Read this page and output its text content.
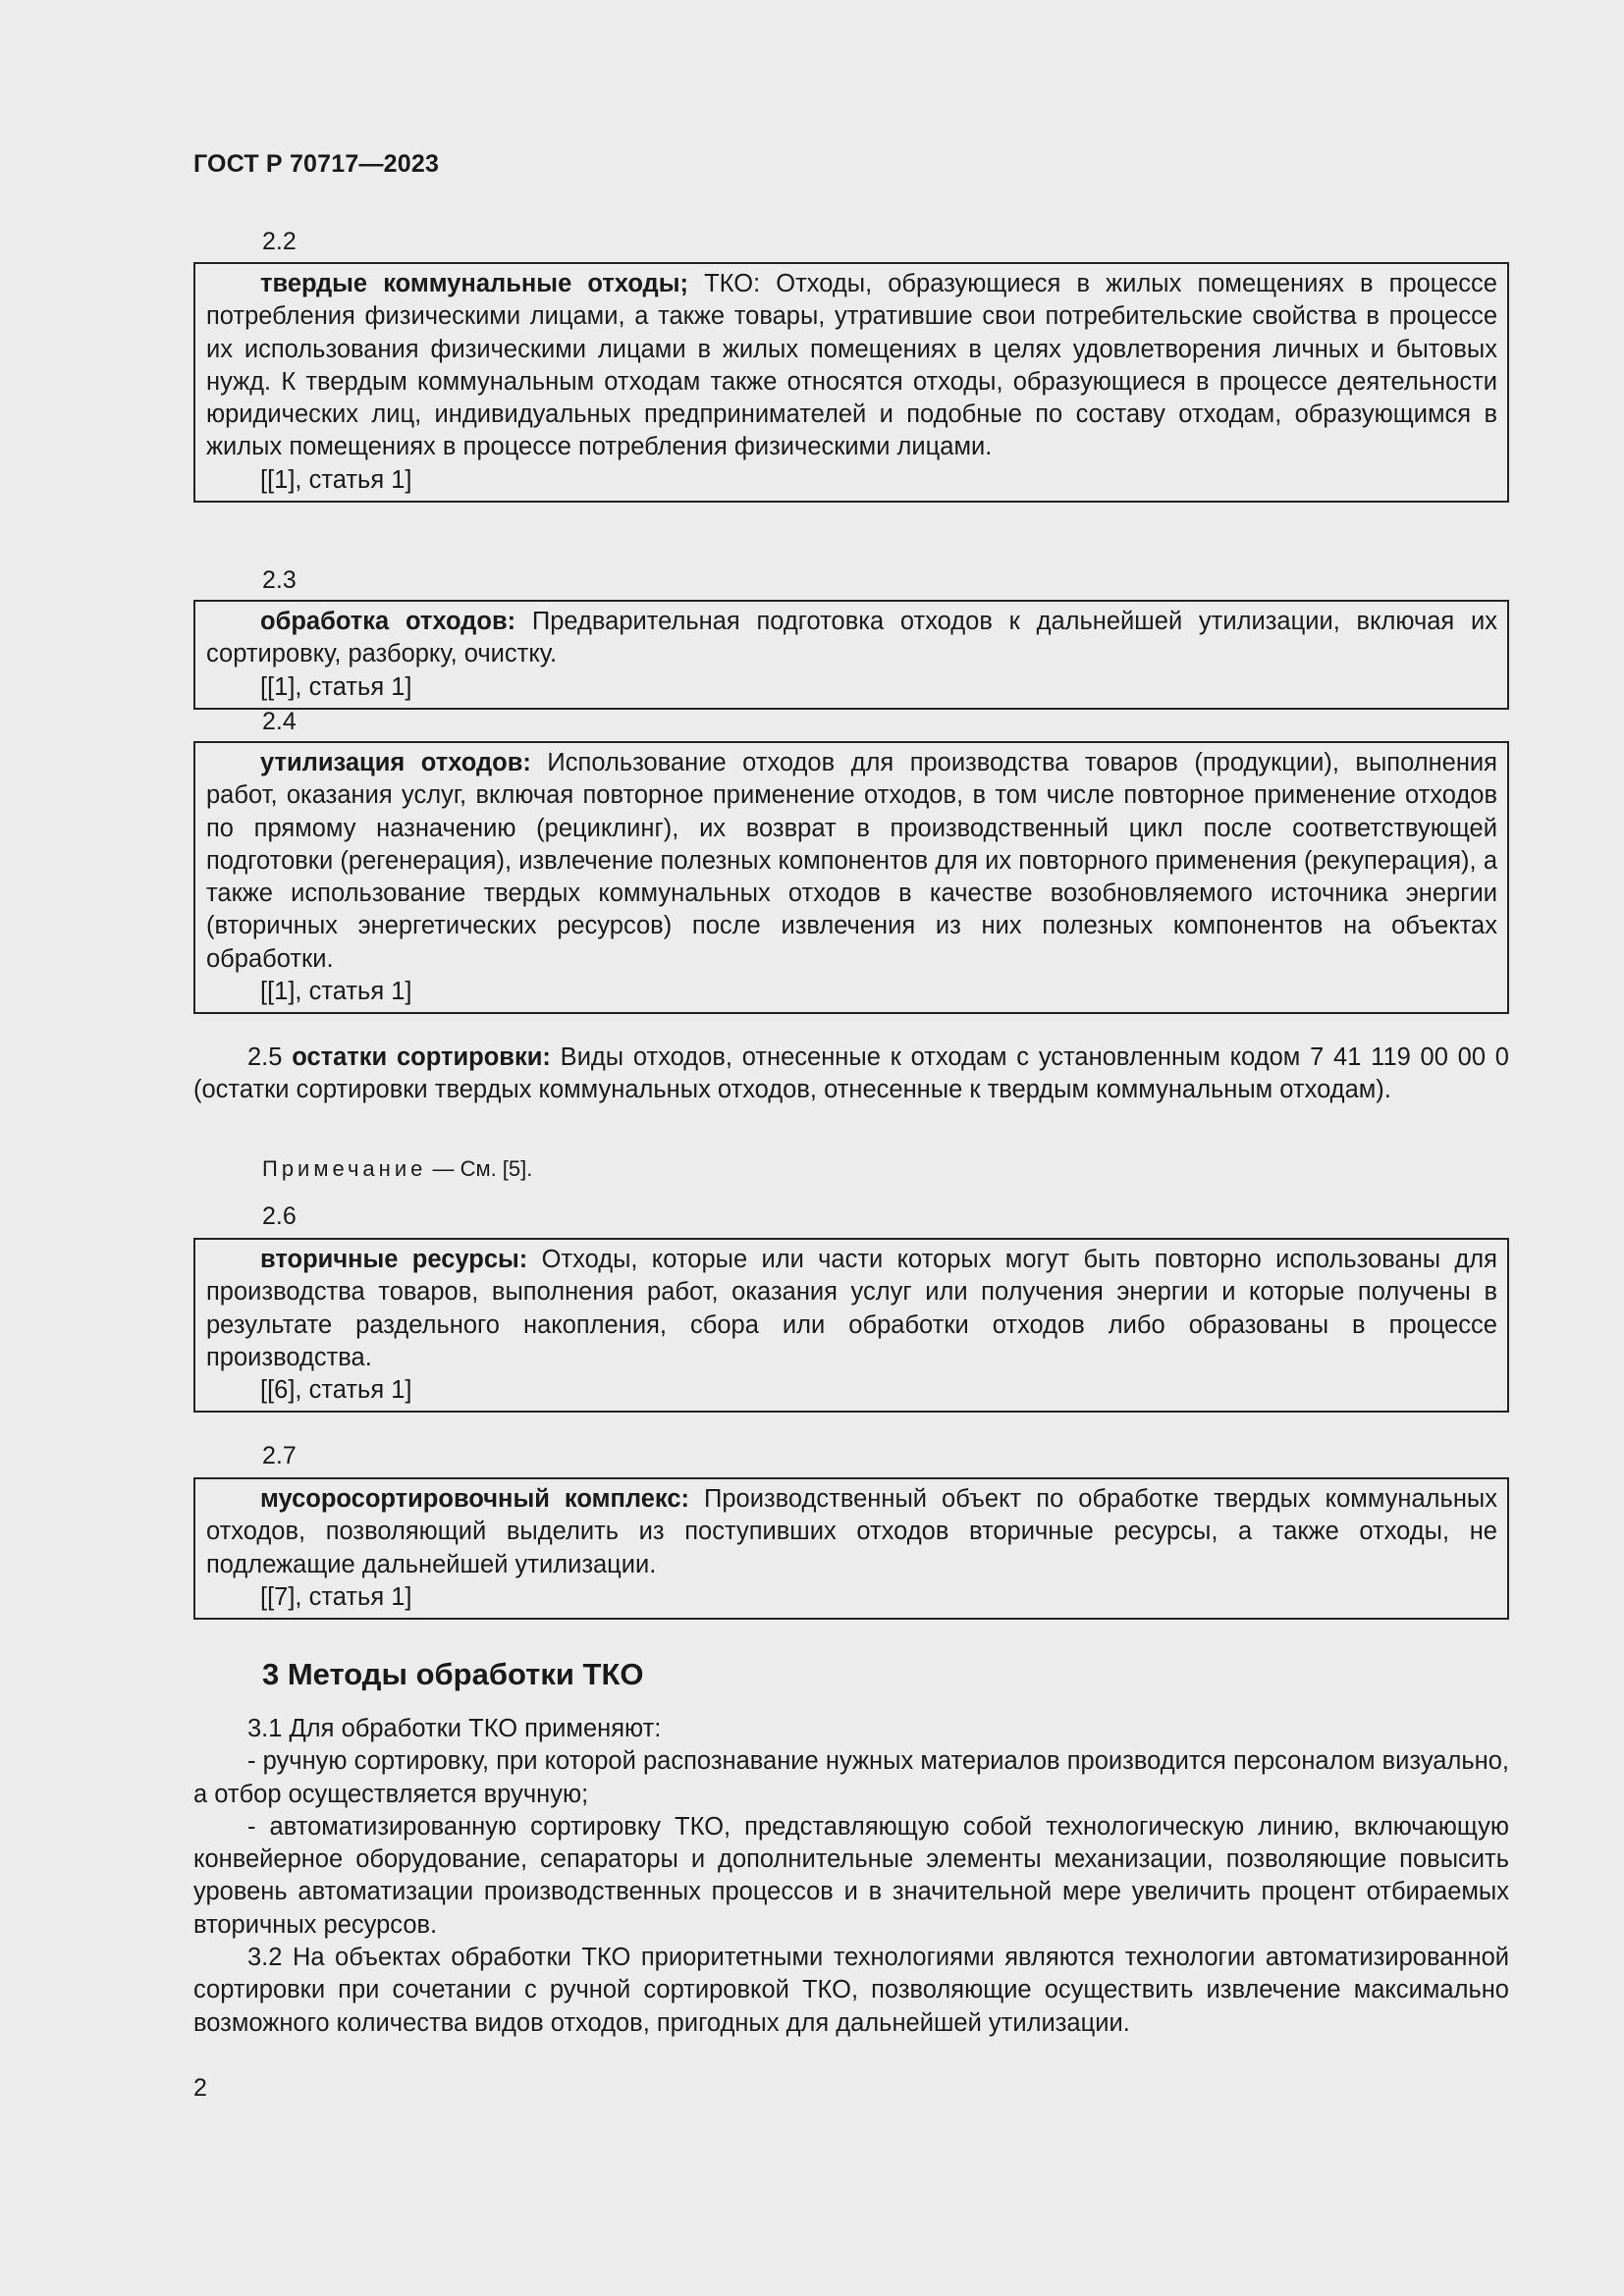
ГОСТ Р 70717—2023
2.2

твердые коммунальные отходы; ТКО: Отходы, образующиеся в жилых помещениях в процессе потребления физическими лицами, а также товары, утратившие свои потребительские свойства в процессе их использования физическими лицами в жилых помещениях в целях удовлетворения личных и бытовых нужд. К твердым коммунальным отходам также относятся отходы, образующиеся в процессе деятельности юридических лиц, индивидуальных предпринимателей и подобные по составу отходам, образующимся в жилых помещениях в процессе потребления физическими лицами.

[[1], статья 1]
2.3

обработка отходов: Предварительная подготовка отходов к дальнейшей утилизации, включая их сортировку, разборку, очистку.

[[1], статья 1]
2.4

утилизация отходов: Использование отходов для производства товаров (продукции), выполнения работ, оказания услуг, включая повторное применение отходов, в том числе повторное применение отходов по прямому назначению (рециклинг), их возврат в производственный цикл после соответствующей подготовки (регенерация), извлечение полезных компонентов для их повторного применения (рекуперация), а также использование твердых коммунальных отходов в качестве возобновляемого источника энергии (вторичных энергетических ресурсов) после извлечения из них полезных компонентов на объектах обработки.

[[1], статья 1]

2.5 остатки сортировки: Виды отходов, отнесенные к отходам с установленным кодом 7 41 119 00 00 0 (остатки сортировки твердых коммунальных отходов, отнесенные к твердым коммунальным отходам).

Примечание — См. [5].
2.6

вторичные ресурсы: Отходы, которые или части которых могут быть повторно использованы для производства товаров, выполнения работ, оказания услуг или получения энергии и которые получены в результате раздельного накопления, сбора или обработки отходов либо образованы в процессе производства.

[[6], статья 1]
2.7

мусоросортировочный комплекс: Производственный объект по обработке твердых коммунальных отходов, позволяющий выделить из поступивших отходов вторичные ресурсы, а также отходы, не подлежащие дальнейшей утилизации.

[[7], статья 1]
3 Методы обработки ТКО

3.1 Для обработки ТКО применяют:

- ручную сортировку, при которой распознавание нужных материалов производится персоналом визуально, а отбор осуществляется вручную;

- автоматизированную сортировку ТКО, представляющую собой технологическую линию, включающую конвейерное оборудование, сепараторы и дополнительные элементы механизации, позволяющие повысить уровень автоматизации производственных процессов и в значительной мере увеличить процент отбираемых вторичных ресурсов.

3.2 На объектах обработки ТКО приоритетными технологиями являются технологии автоматизированной сортировки при сочетании с ручной сортировкой ТКО, позволяющие осуществить извлечение максимально возможного количества видов отходов, пригодных для дальнейшей утилизации.

2
